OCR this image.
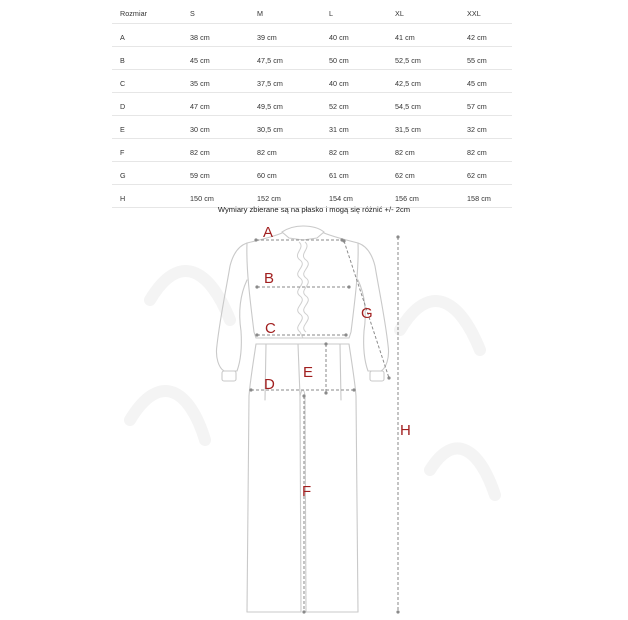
Rozmiar	S	M	L	XL	XXL
A	38 cm	39 cm	40 cm	41 cm	42 cm
B	45 cm	47,5 cm	50 cm	52,5 cm	55 cm
C	35 cm	37,5 cm	40 cm	42,5 cm	45 cm
D	47 cm	49,5 cm	52 cm	54,5 cm	57 cm
E	30 cm	30,5 cm	31 cm	31,5 cm	32 cm
F	82 cm	82 cm	82 cm	82 cm	82 cm
G	59 cm	60 cm	61 cm	62 cm	62 cm
H	150 cm	152 cm	154 cm	156 cm	158 cm
Wymiary zbierane są na płasko i mogą się różnić +/- 2cm
A
B
C
D
E
F
G
H
